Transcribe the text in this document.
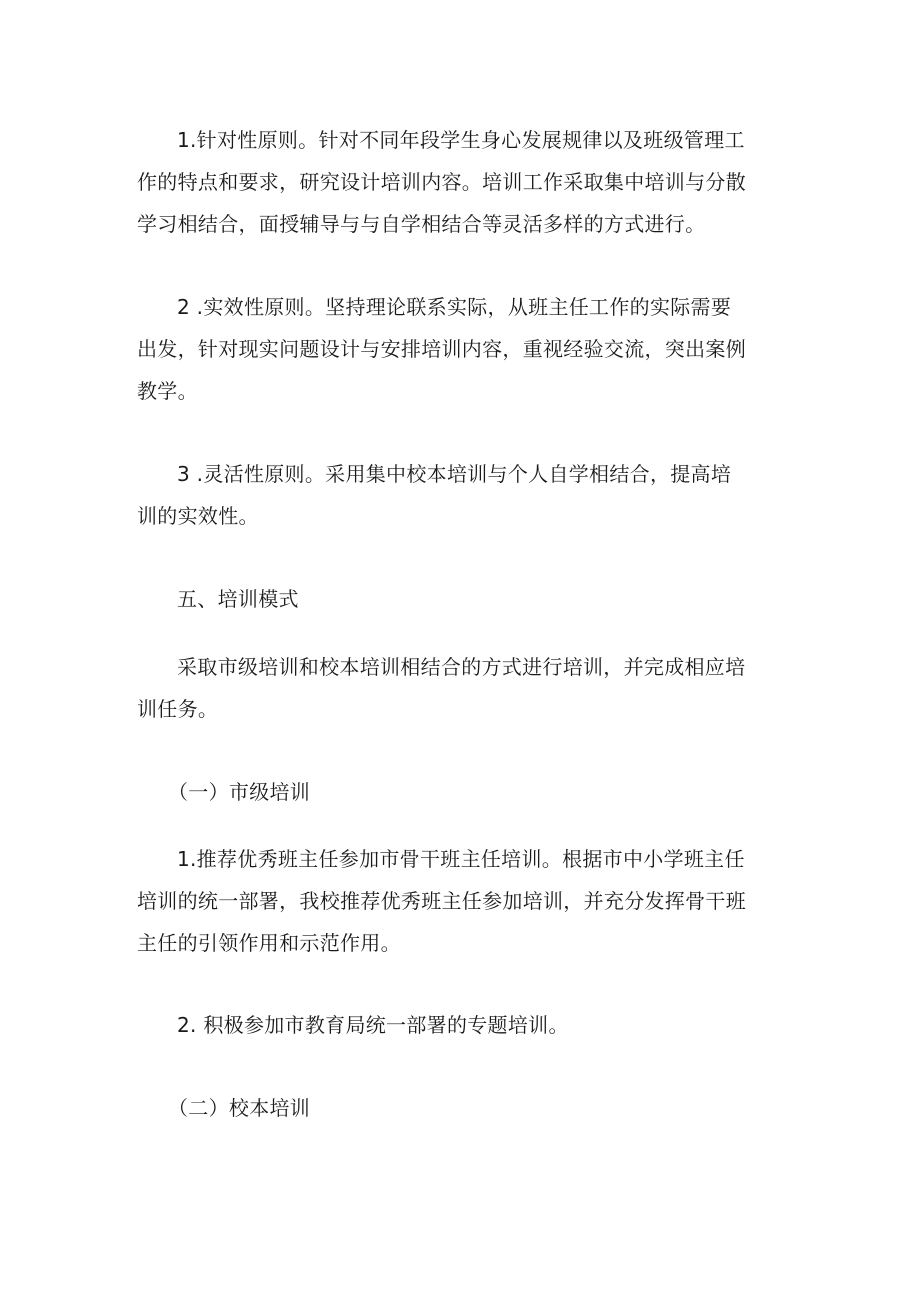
1.针对性原则。针对不同年段学生身心发展规律以及班级管理工
作的特点和要求，研究设计培训内容。培训工作采取集中培训与分散
学习相结合，面授辅导与与自学相结合等灵活多样的方式进行。

2 .实效性原则。坚持理论联系实际，从班主任工作的实际需要
出发，针对现实问题设计与安排培训内容，重视经验交流，突出案例
教学。

3 .灵活性原则。采用集中校本培训与个人自学相结合，提高培
训的实效性。

五、培训模式

采取市级培训和校本培训相结合的方式进行培训，并完成相应培
训任务。

（一）市级培训

1.推荐优秀班主任参加市骨干班主任培训。根据市中小学班主任
培训的统一部署，我校推荐优秀班主任参加培训，并充分发挥骨干班
主任的引领作用和示范作用。

2. 积极参加市教育局统一部署的专题培训。

（二）校本培训
